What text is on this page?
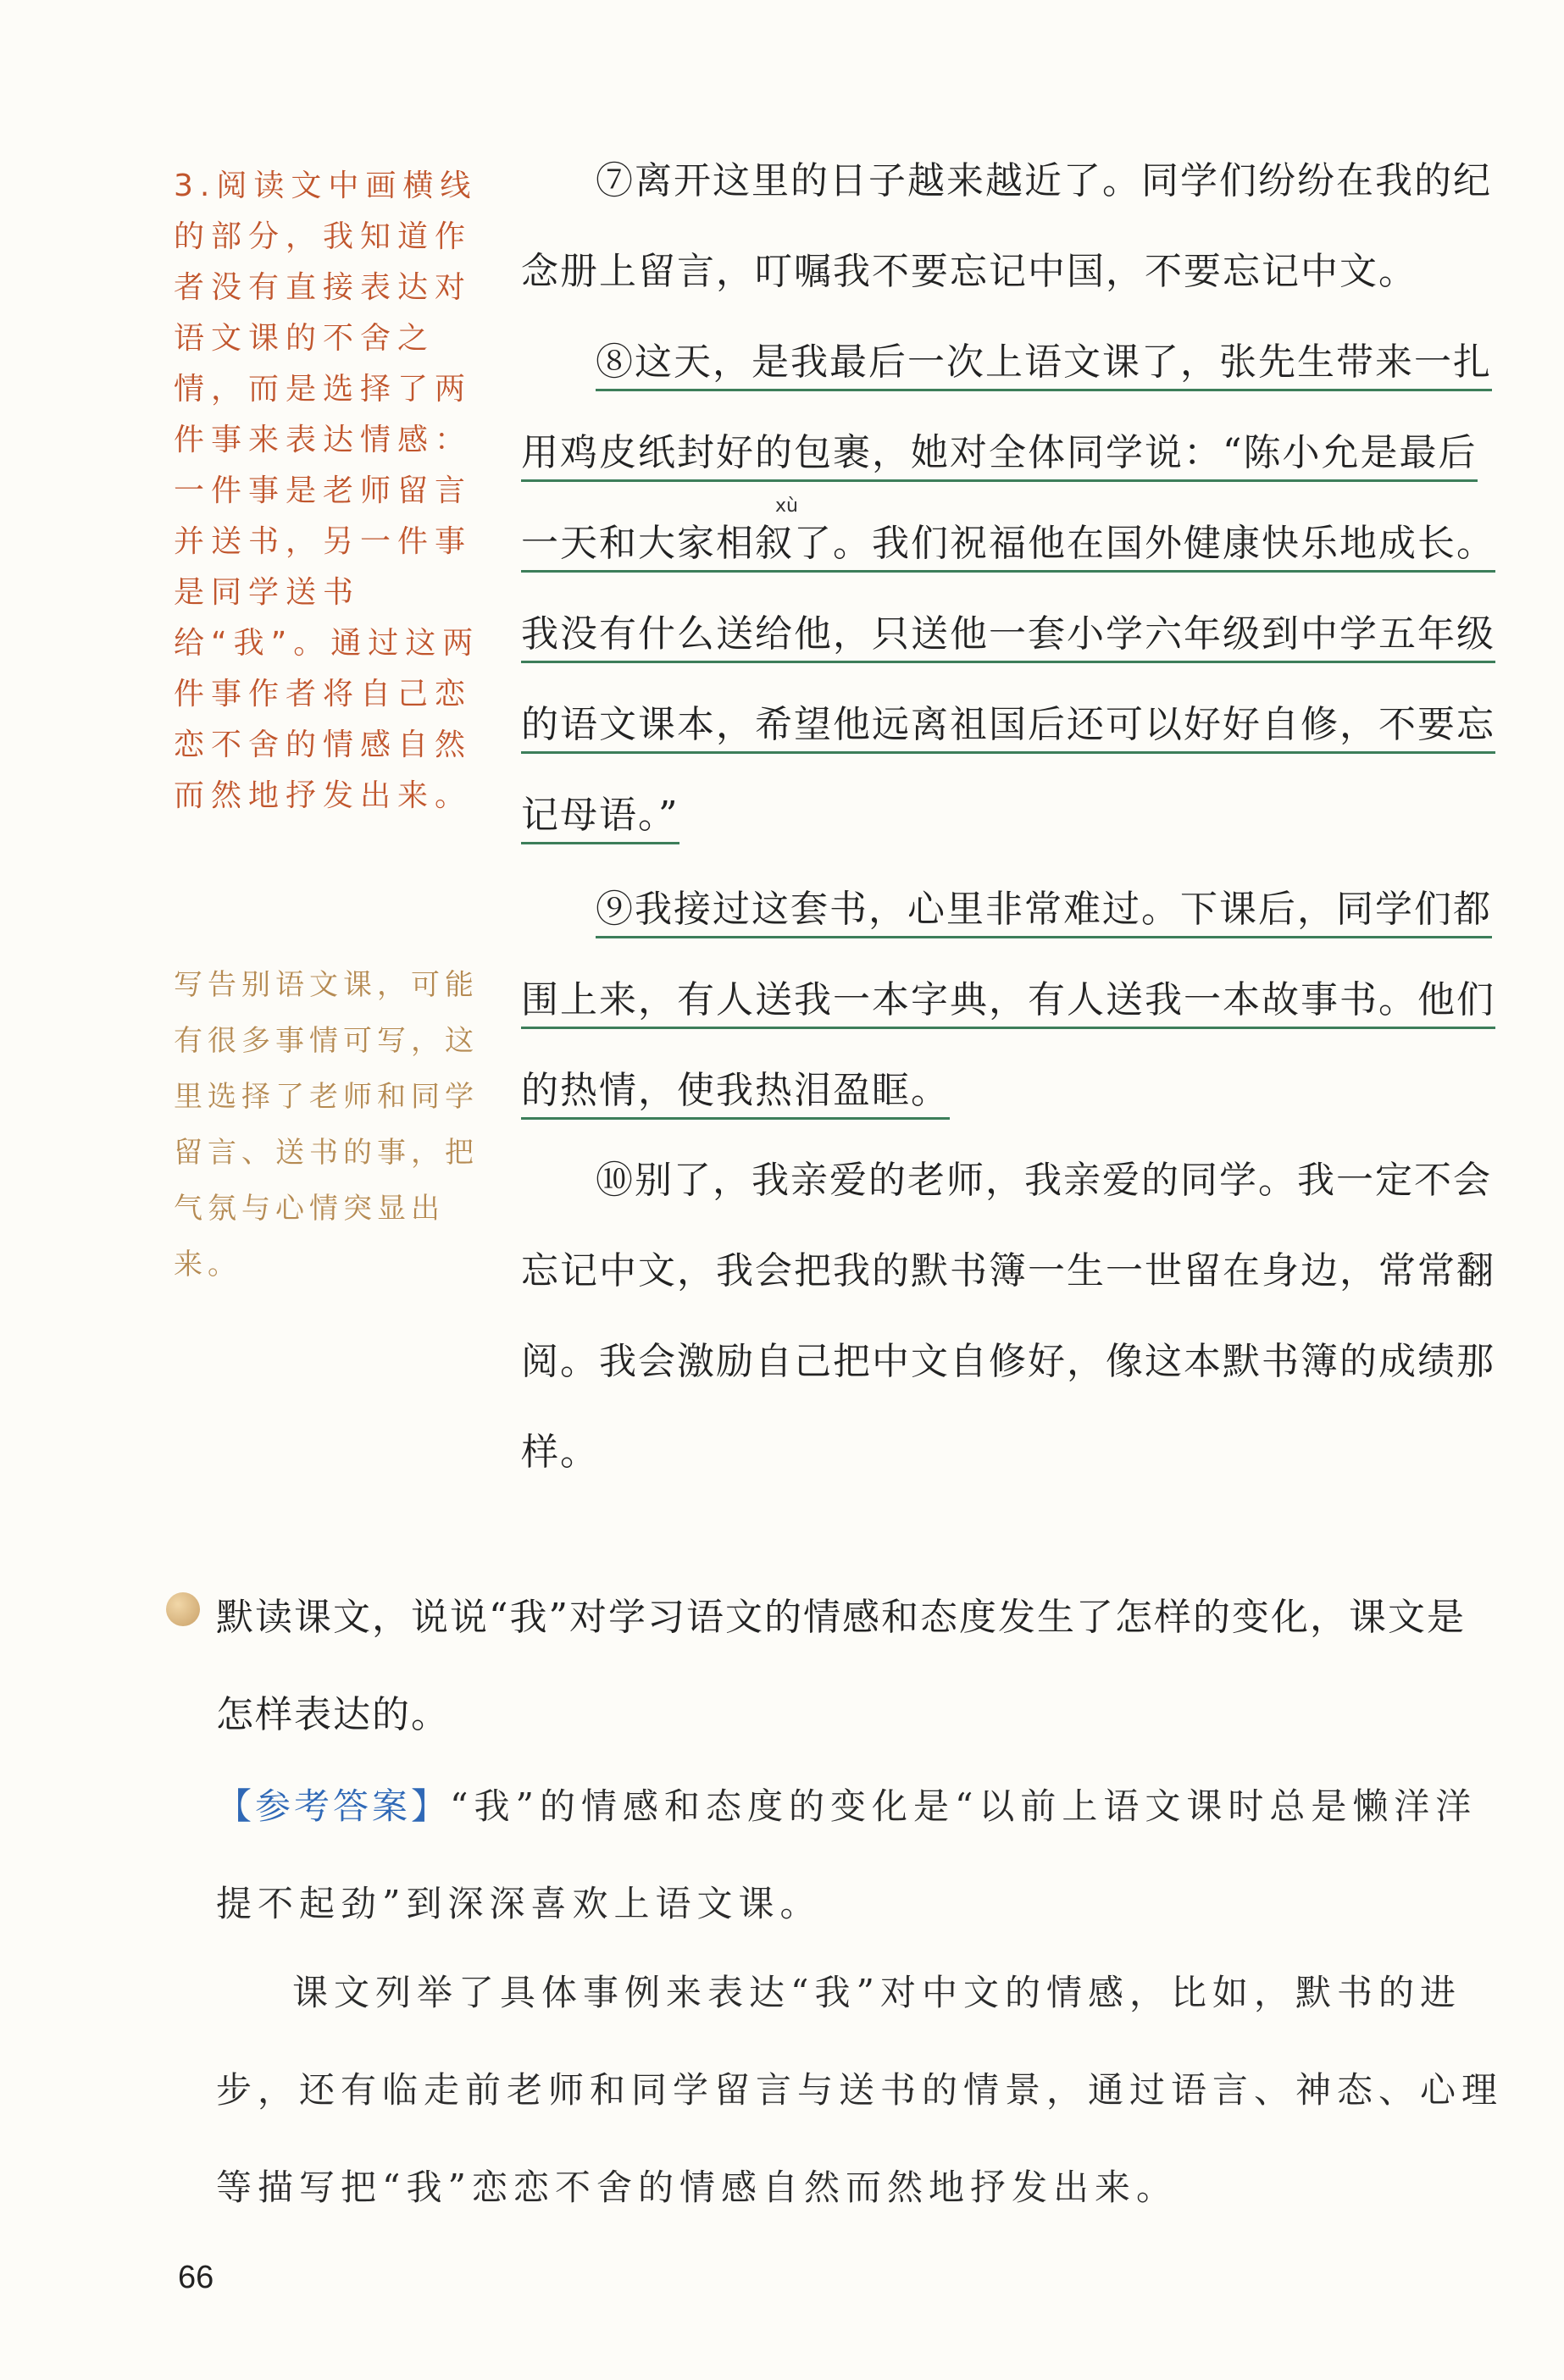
3.阅读文中画横线的部分，我知道作者没有直接表达对语文课的不舍之情，而是选择了两件事来表达情感：一件事是老师留言并送书，另一件事是同学送书给“我”。通过这两件事作者将自己恋恋不舍的情感自然而然地抒发出来。
写告别语文课，可能有很多事情可写，这里选择了老师和同学留言、送书的事，把气氛与心情突显出来。
⑦离开这里的日子越来越近了。同学们纷纷在我的纪念册上留言，叮嘱我不要忘记中国，不要忘记中文。
⑧这天，是我最后一次上语文课了，张先生带来一扎用鸡皮纸封好的包裹，她对全体同学说：“陈小允是最后一天和大家相叙了。我们祝福他在国外健康快乐地成长。我没有什么送给他，只送他一套小学六年级到中学五年级的语文课本，希望他远离祖国后还可以好好自修，不要忘记母语。”
xù
⑨我接过这套书，心里非常难过。下课后，同学们都围上来，有人送我一本字典，有人送我一本故事书。他们的热情，使我热泪盈眶。
⑩别了，我亲爱的老师，我亲爱的同学。我一定不会忘记中文，我会把我的默书簿一生一世留在身边，常常翻阅。我会激励自己把中文自修好，像这本默书簿的成绩那样。
默读课文，说说“我”对学习语文的情感和态度发生了怎样的变化，课文是怎样表达的。
【参考答案】“我”的情感和态度的变化是“以前上语文课时总是懒洋洋提不起劲”到深深喜欢上语文课。
课文列举了具体事例来表达“我”对中文的情感，比如，默书的进步，还有临走前老师和同学留言与送书的情景，通过语言、神态、心理等描写把“我”恋恋不舍的情感自然而然地抒发出来。
66
